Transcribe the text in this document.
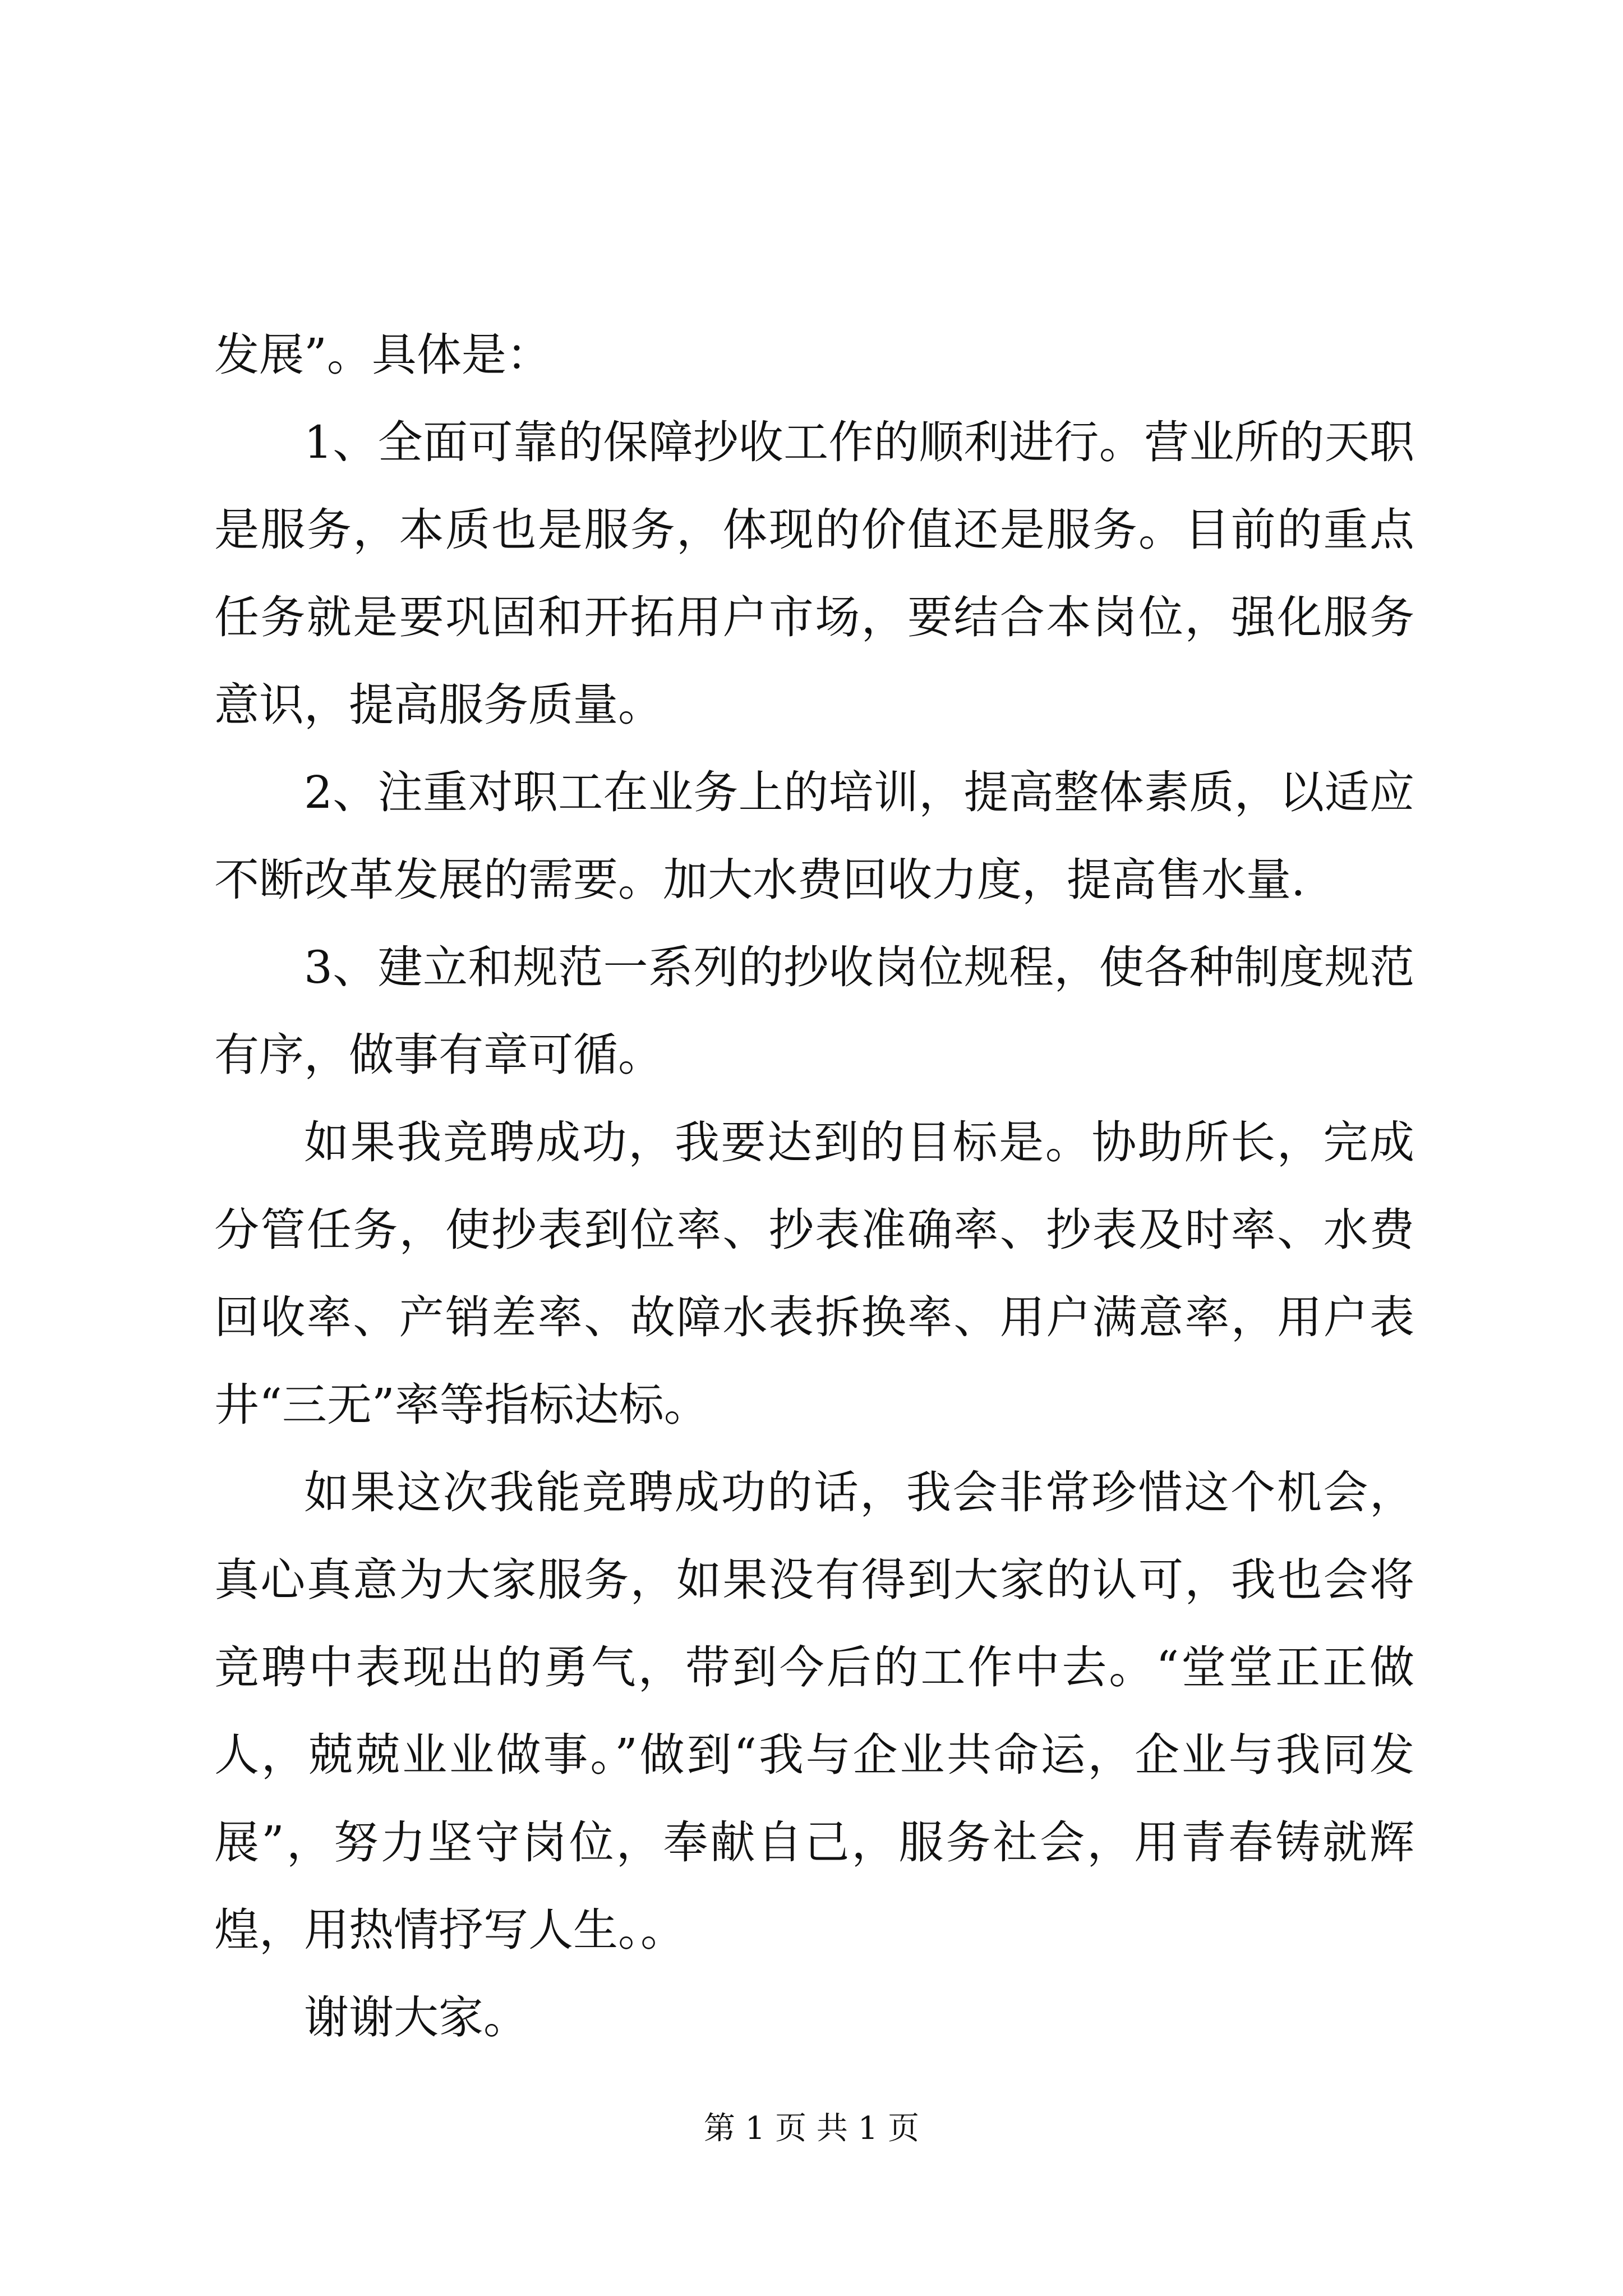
发展”。具体是：

1、全面可靠的保障抄收工作的顺利进行。营业所的天职是服务，本质也是服务，体现的价值还是服务。目前的重点任务就是要巩固和开拓用户市场，要结合本岗位，强化服务意识，提高服务质量。

2、注重对职工在业务上的培训，提高整体素质，以适应不断改革发展的需要。加大水费回收力度，提高售水量.

3、建立和规范一系列的抄收岗位规程，使各种制度规范有序，做事有章可循。

如果我竞聘成功，我要达到的目标是。协助所长，完成分管任务，使抄表到位率、抄表准确率、抄表及时率、水费回收率、产销差率、故障水表拆换率、用户满意率，用户表井“三无”率等指标达标。

如果这次我能竞聘成功的话，我会非常珍惜这个机会，真心真意为大家服务，如果没有得到大家的认可，我也会将竞聘中表现出的勇气，带到今后的工作中去。“堂堂正正做人，兢兢业业做事。”做到“我与企业共命运，企业与我同发展”，努力坚守岗位，奉献自己，服务社会，用青春铸就辉煌，用热情抒写人生。。

谢谢大家。

第 1 页 共 1 页
